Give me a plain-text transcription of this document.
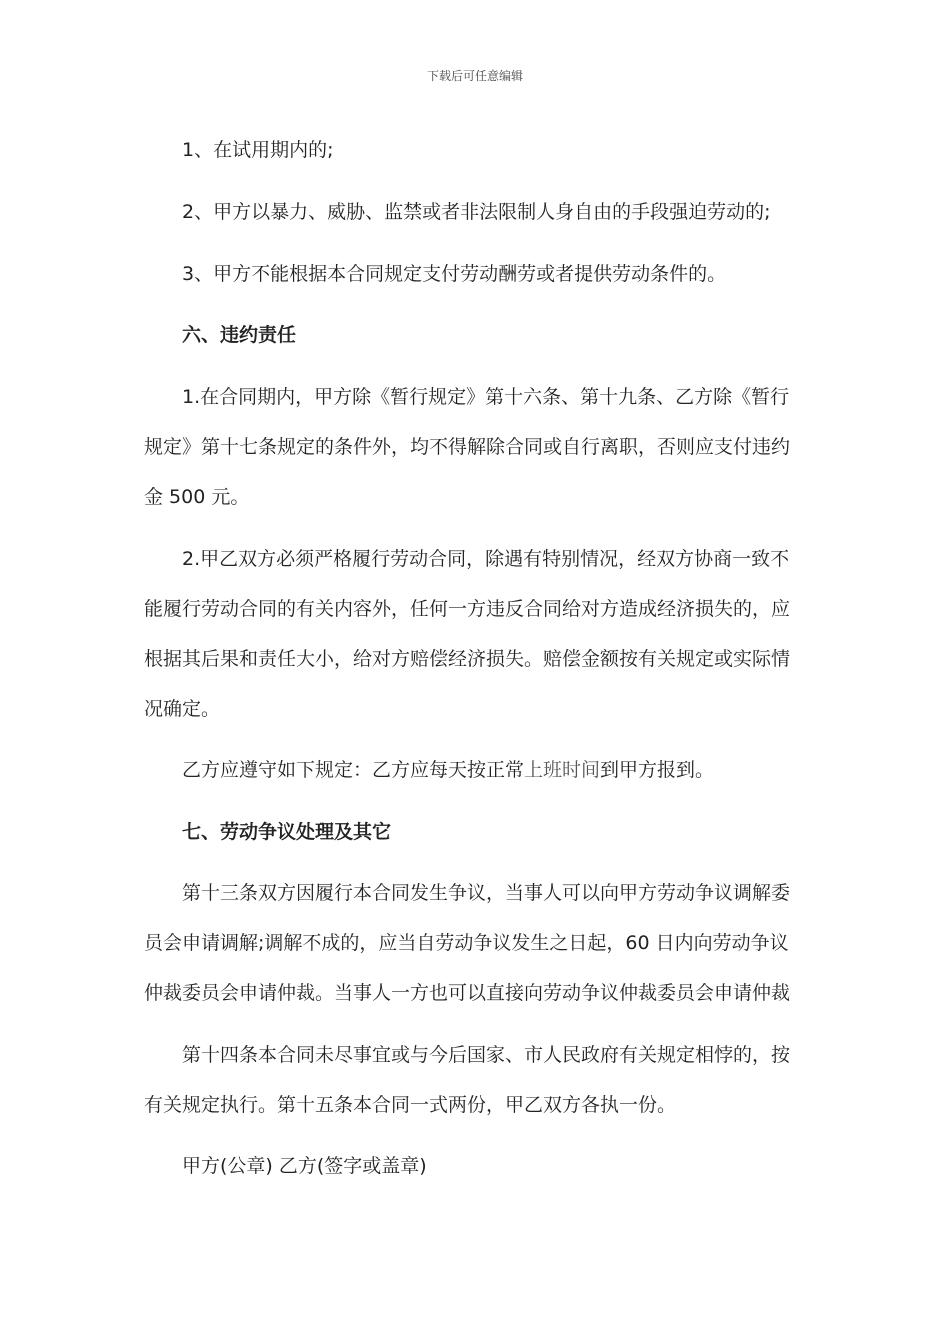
下载后可任意编辑
1、在试用期内的;
2、甲方以暴力、威胁、监禁或者非法限制人身自由的手段强迫劳动的;
3、甲方不能根据本合同规定支付劳动酬劳或者提供劳动条件的。
六、违约责任
1.在合同期内，甲方除《暂行规定》第十六条、第十九条、乙方除《暂行
规定》第十七条规定的条件外，均不得解除合同或自行离职，否则应支付违约
金 500 元。
2.甲乙双方必须严格履行劳动合同，除遇有特别情况，经双方协商一致不
能履行劳动合同的有关内容外，任何一方违反合同给对方造成经济损失的，应
根据其后果和责任大小，给对方赔偿经济损失。赔偿金额按有关规定或实际情
况确定。
乙方应遵守如下规定：乙方应每天按正常上班时间到甲方报到。
七、劳动争议处理及其它
第十三条双方因履行本合同发生争议，当事人可以向甲方劳动争议调解委
员会申请调解;调解不成的，应当自劳动争议发生之日起，60 日内向劳动争议
仲裁委员会申请仲裁。当事人一方也可以直接向劳动争议仲裁委员会申请仲裁
第十四条本合同未尽事宜或与今后国家、市人民政府有关规定相悖的，按
有关规定执行。第十五条本合同一式两份，甲乙双方各执一份。
甲方(公章) 乙方(签字或盖章)
